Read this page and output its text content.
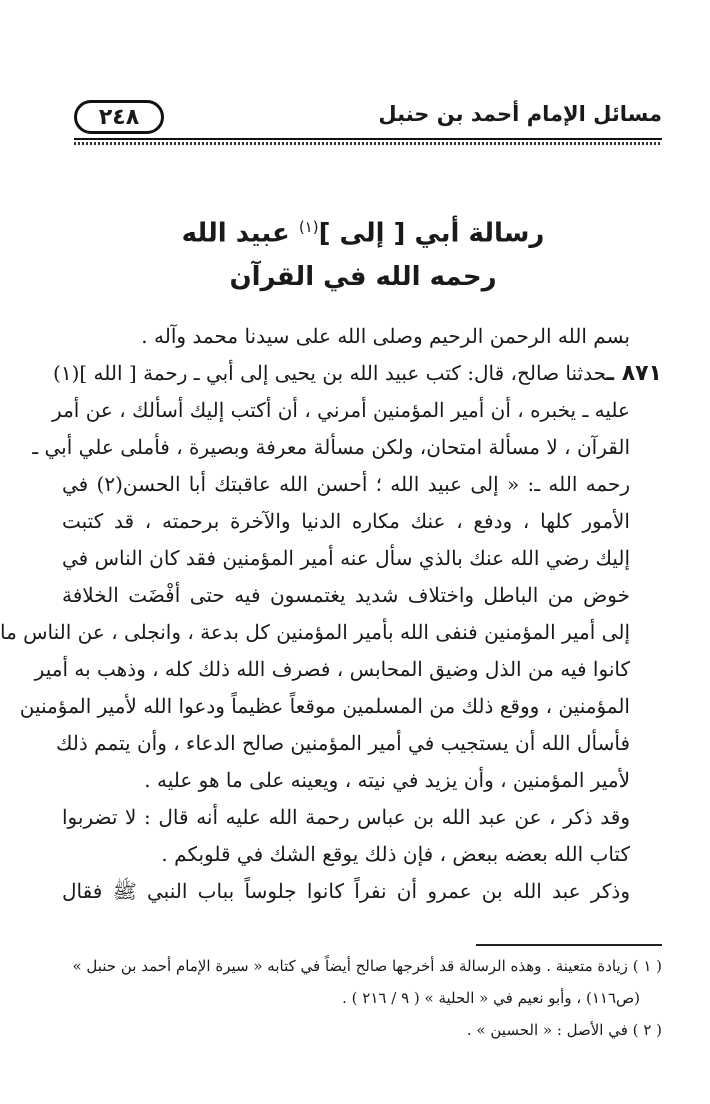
٢٤٨	مسائل الإمام أحمد بن حنبل
رسالة أبي [ إلى ]$^{(١)}$ عبيد الله
رحمه الله في القرآن
بسم الله الرحمن الرحيم وصلى الله على سيدنا محمد وآله .
٨٧١ ـحدثنا صالح، قال: كتب عبيد الله بن يحيى إلى أبي ـ رحمة [ الله ](١)
عليه ـ يخبره ، أن أمير المؤمنين أمرني ، أن أكتب إليك أسألك ، عن أمر
القرآن ، لا مسألة امتحان، ولكن مسألة معرفة وبصيرة ، فأملى علي أبي ـ
رحمه الله ـ: « إلى عبيد الله ؛ أحسن الله عاقبتك أبا الحسن(٢) في
الأمور كلها ، ودفع ، عنك مكاره الدنيا والآخرة برحمته ، قد كتبت
إليك رضي الله عنك بالذي سأل عنه أمير المؤمنين فقد كان الناس في
خوض من الباطل واختلاف شديد يغتمسون فيه حتى أفْضَت الخلافة
إلى أمير المؤمنين فنفى الله بأمير المؤمنين كل بدعة ، وانجلى ، عن الناس ما
كانوا فيه من الذل وضيق المحابس ، فصرف الله ذلك كله ، وذهب به أمير
المؤمنين ، ووقع ذلك من المسلمين موقعاً عظيماً ودعوا الله لأمير المؤمنين
فأسأل الله أن يستجيب في أمير المؤمنين صالح الدعاء ، وأن يتمم ذلك
لأمير المؤمنين ، وأن يزيد في نيته ، ويعينه على ما هو عليه .
وقد ذكر ، عن عبد الله بن عباس رحمة الله عليه أنه قال : لا تضربوا
كتاب الله بعضه ببعض ، فإن ذلك يوقع الشك في قلوبكم .
وذكر عبد الله بن عمرو أن نفراً كانوا جلوساً بباب النبي ﷺ فقال
( ١ ) زيادة متعينة . وهذه الرسالة قد أخرجها صالح أيضاً في كتابه « سيرة الإمام أحمد بن حنبل »
(ص١١٦) ، وأبو نعيم في « الحلية » ( ٩ / ٢١٦ ) .
( ٢ ) في الأصل : « الحسين » .
